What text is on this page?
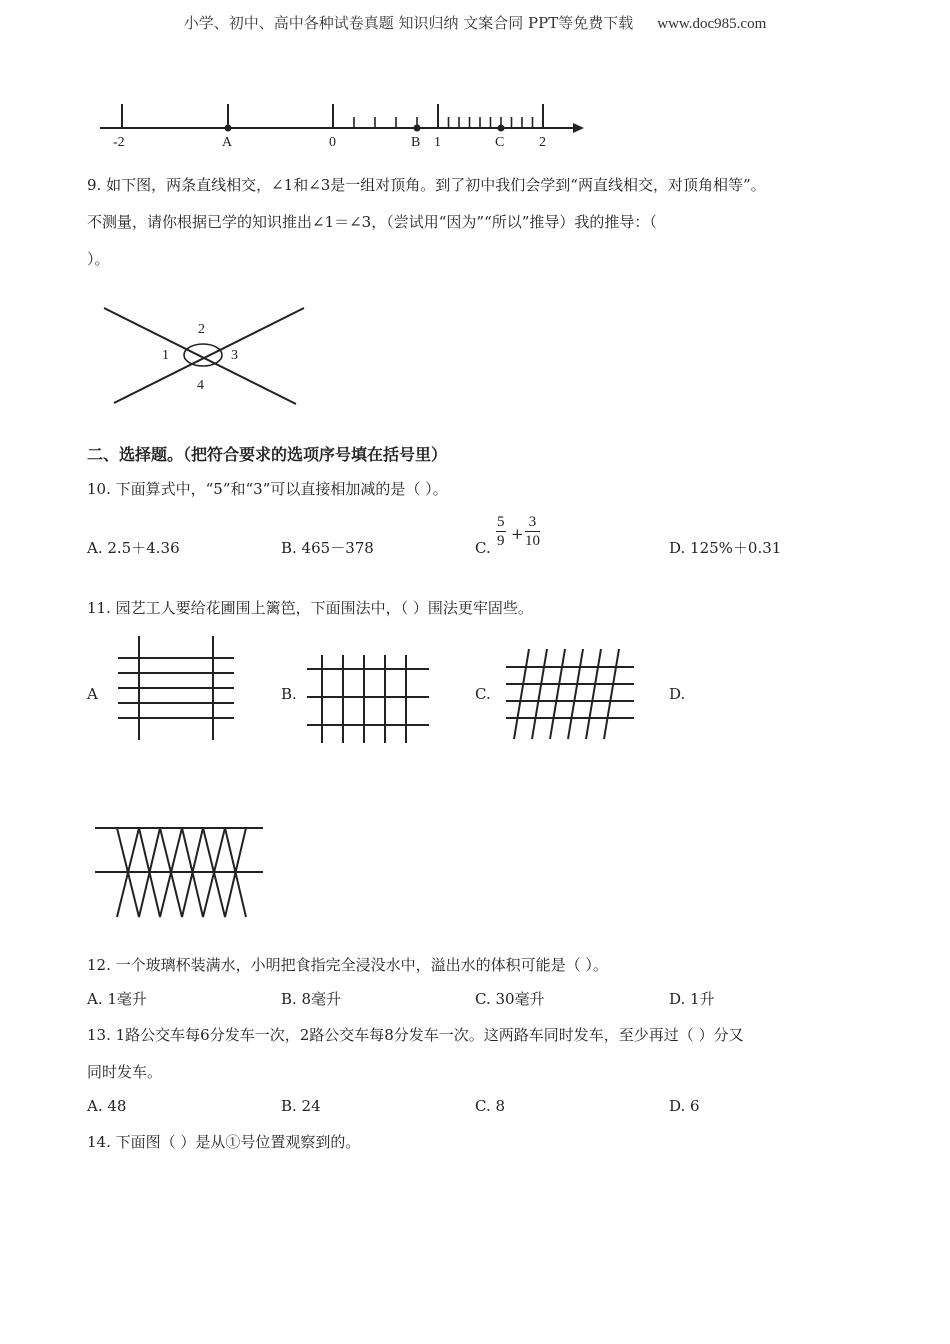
小学、初中、高中各种试卷真题 知识归纳 文案合同 PPT等免费下载 www.doc985.com
-2	A	0	B 1	C 2
9. 如下图，两条直线相交，∠1和∠3是一组对顶角。到了初中我们会学到“两直线相交，对顶角相等”。
不测量，请你根据已学的知识推出∠1＝∠3，（尝试用“因为”“所以”推导）我的推导：（
）。
1
2
3
4
二、选择题。（把符合要求的选项序号填在括号里）
10. 下面算式中，“5”和“3”可以直接相加减的是（ ）。
A. 2.5＋4.36	B. 465－378	C. $\frac{5}{9} + \frac{3}{10}$	D. 125%＋0.31
11. 园艺工人要给花圃围上篱笆，下面围法中，（ ）围法更牢固些。
A	B.	C.	D.
12. 一个玻璃杯装满水，小明把食指完全浸没水中，溢出水的体积可能是（ ）。
A. 1毫升	B. 8毫升	C. 30毫升	D. 1升
13. 1路公交车每6分发车一次，2路公交车每8分发车一次。这两路车同时发车，至少再过（ ）分又
同时发车。
A. 48	B. 24	C. 8	D. 6
14. 下面图（ ）是从①号位置观察到的。
